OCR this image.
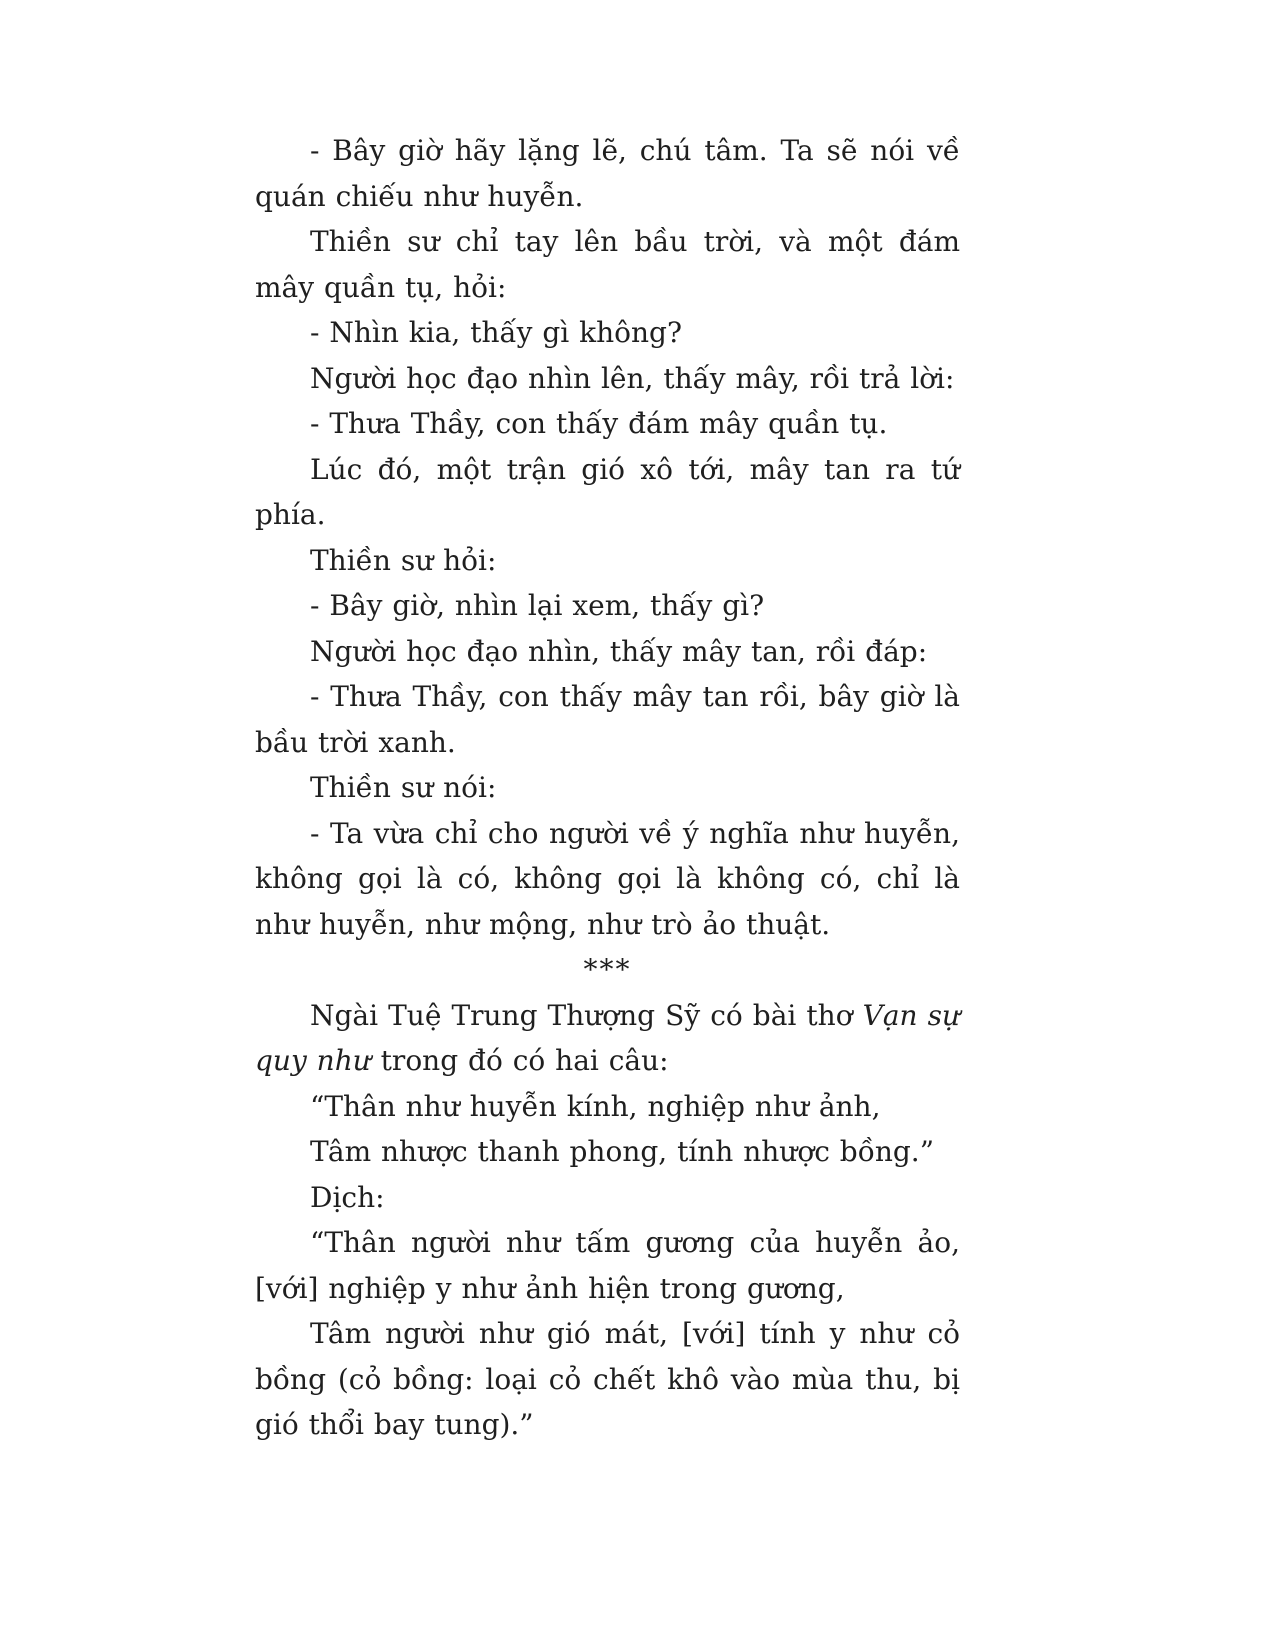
- Bây giờ hãy lặng lẽ, chú tâm. Ta sẽ nói về quán chiếu như huyễn.

Thiền sư chỉ tay lên bầu trời, và một đám mây quần tụ, hỏi:

- Nhìn kia, thấy gì không?

Người học đạo nhìn lên, thấy mây, rồi trả lời:

- Thưa Thầy, con thấy đám mây quần tụ.

Lúc đó, một trận gió xô tới, mây tan ra tứ phía.

Thiền sư hỏi:

- Bây giờ, nhìn lại xem, thấy gì?

Người học đạo nhìn, thấy mây tan, rồi đáp:

- Thưa Thầy, con thấy mây tan rồi, bây giờ là bầu trời xanh.

Thiền sư nói:

- Ta vừa chỉ cho người về ý nghĩa như huyễn, không gọi là có, không gọi là không có, chỉ là như huyễn, như mộng, như trò ảo thuật.

***

Ngài Tuệ Trung Thượng Sỹ có bài thơ Vạn sự quy như trong đó có hai câu:

“Thân như huyễn kính, nghiệp như ảnh,

Tâm nhược thanh phong, tính nhược bồng.”

Dịch:

“Thân người như tấm gương của huyễn ảo, [với] nghiệp y như ảnh hiện trong gương,

Tâm người như gió mát, [với] tính y như cỏ bồng (cỏ bồng: loại cỏ chết khô vào mùa thu, bị gió thổi bay tung).”
